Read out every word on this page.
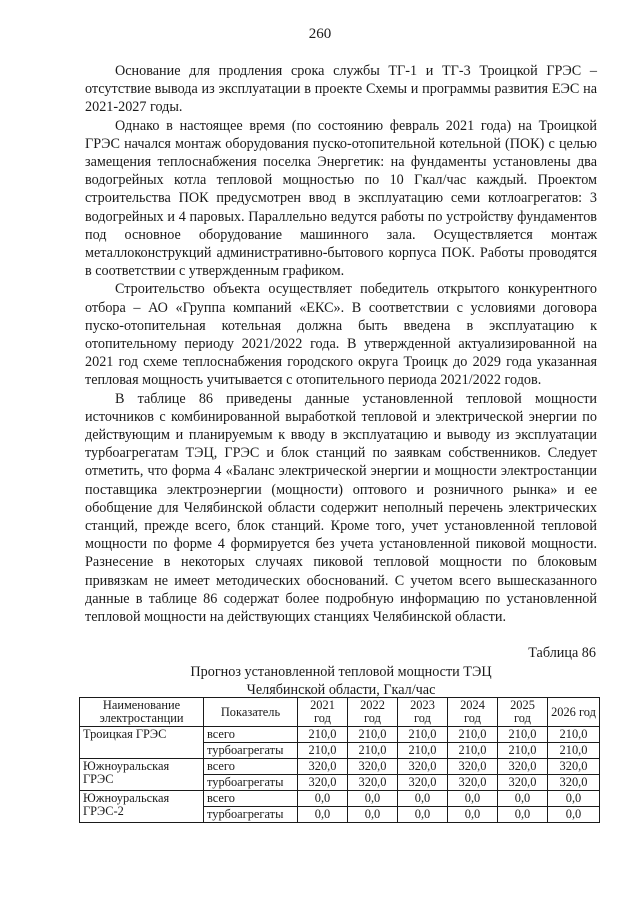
260

Основание для продления срока службы ТГ-1 и ТГ-3 Троицкой ГРЭС – отсутствие вывода из эксплуатации в проекте Схемы и программы развития ЕЭС на 2021-2027 годы.

Однако в настоящее время (по состоянию февраль 2021 года) на Троицкой ГРЭС начался монтаж оборудования пуско-отопительной котельной (ПОК) с целью замещения теплоснабжения поселка Энергетик: на фундаменты установлены два водогрейных котла тепловой мощностью по 10 Гкал/час каждый. Проектом строительства ПОК предусмотрен ввод в эксплуатацию семи котлоагрегатов: 3 водогрейных и 4 паровых. Параллельно ведутся работы по устройству фундаментов под основное оборудование машинного зала. Осуществляется монтаж металлоконструкций административно-бытового корпуса ПОК. Работы проводятся в соответствии с утвержденным графиком.

Строительство объекта осуществляет победитель открытого конкурентного отбора – АО «Группа компаний «ЕКС». В соответствии с условиями договора пуско-отопительная котельная должна быть введена в эксплуатацию к отопительному периоду 2021/2022 года. В утвержденной актуализированной на 2021 год схеме теплоснабжения городского округа Троицк до 2029 года указанная тепловая мощность учитывается с отопительного периода 2021/2022 годов.

В таблице 86 приведены данные установленной тепловой мощности источников с комбинированной выработкой тепловой и электрической энергии по действующим и планируемым к вводу в эксплуатацию и выводу из эксплуатации турбоагрегатам ТЭЦ, ГРЭС и блок станций по заявкам собственников. Следует отметить, что форма 4 «Баланс электрической энергии и мощности электростанции поставщика электроэнергии (мощности) оптового и розничного рынка» и ее обобщение для Челябинской области содержит неполный перечень электрических станций, прежде всего, блок станций. Кроме того, учет установленной тепловой мощности по форме 4 формируется без учета установленной пиковой мощности. Разнесение в некоторых случаях пиковой тепловой мощности по блоковым привязкам не имеет методических обоснований. С учетом всего вышесказанного данные в таблице 86 содержат более подробную информацию по установленной тепловой мощности на действующих станциях Челябинской области.

Таблица 86
Прогноз установленной тепловой мощности ТЭЦ
Челябинской области, Гкал/час
Наименование электростанции	Показатель	2021 год	2022 год	2023 год	2024 год	2025 год	2026 год
Троицкая ГРЭС	всего	210,0	210,0	210,0	210,0	210,0	210,0
	турбоагрегаты	210,0	210,0	210,0	210,0	210,0	210,0
Южноуральская ГРЭС	всего	320,0	320,0	320,0	320,0	320,0	320,0
	турбоагрегаты	320,0	320,0	320,0	320,0	320,0	320,0
Южноуральская ГРЭС-2	всего	0,0	0,0	0,0	0,0	0,0	0,0
	турбоагрегаты	0,0	0,0	0,0	0,0	0,0	0,0
